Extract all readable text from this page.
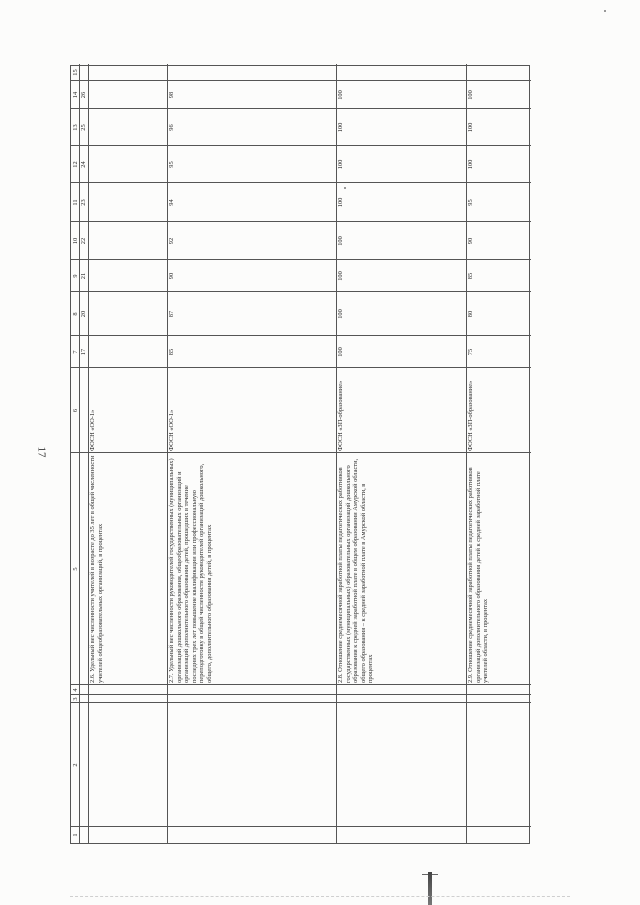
17
1
2
3
4
5
6
7
8
9
10
11
12
13
14
15
17
20
21
22
23
24
25
26
2.6. Удельный вес численности учителей в возрасте до 35 лет в общей численности учителей общеобразовательных организаций, в процентах
ФОСН «ОО-1»
2.7. Удельный вес численности руководителей государственных (муниципальных) организаций дошкольного образования, общеобразовательных организаций и организаций дополнительного образования детей, прошедших в течение последних трех лет повышение квалификации или профессиональную переподготовку в общей численности руководителей организаций дошкольного, общего, дополнительного образования детей, в процентах
ФОСН «ОО-1»
85
87
90
92
94
95
96
98
2.8. Отношение среднемесячной заработной платы педагогических работников государственных (муниципальных) образовательных организаций дошкольного образования к средней заработной плате в общем образовании Амурской области, общего образования – к средней заработной плате в Амурской области, в процентах
ФОСН «ЗП-образование»
100
100
100
100
100
100
100
100
2.9. Отношение среднемесячной заработной платы педагогических работников организаций дополнительного образования детей к средней заработной плате учителей области, в процентах
ФОСН «ЗП-образование»
75
80
85
90
95
100
100
100
